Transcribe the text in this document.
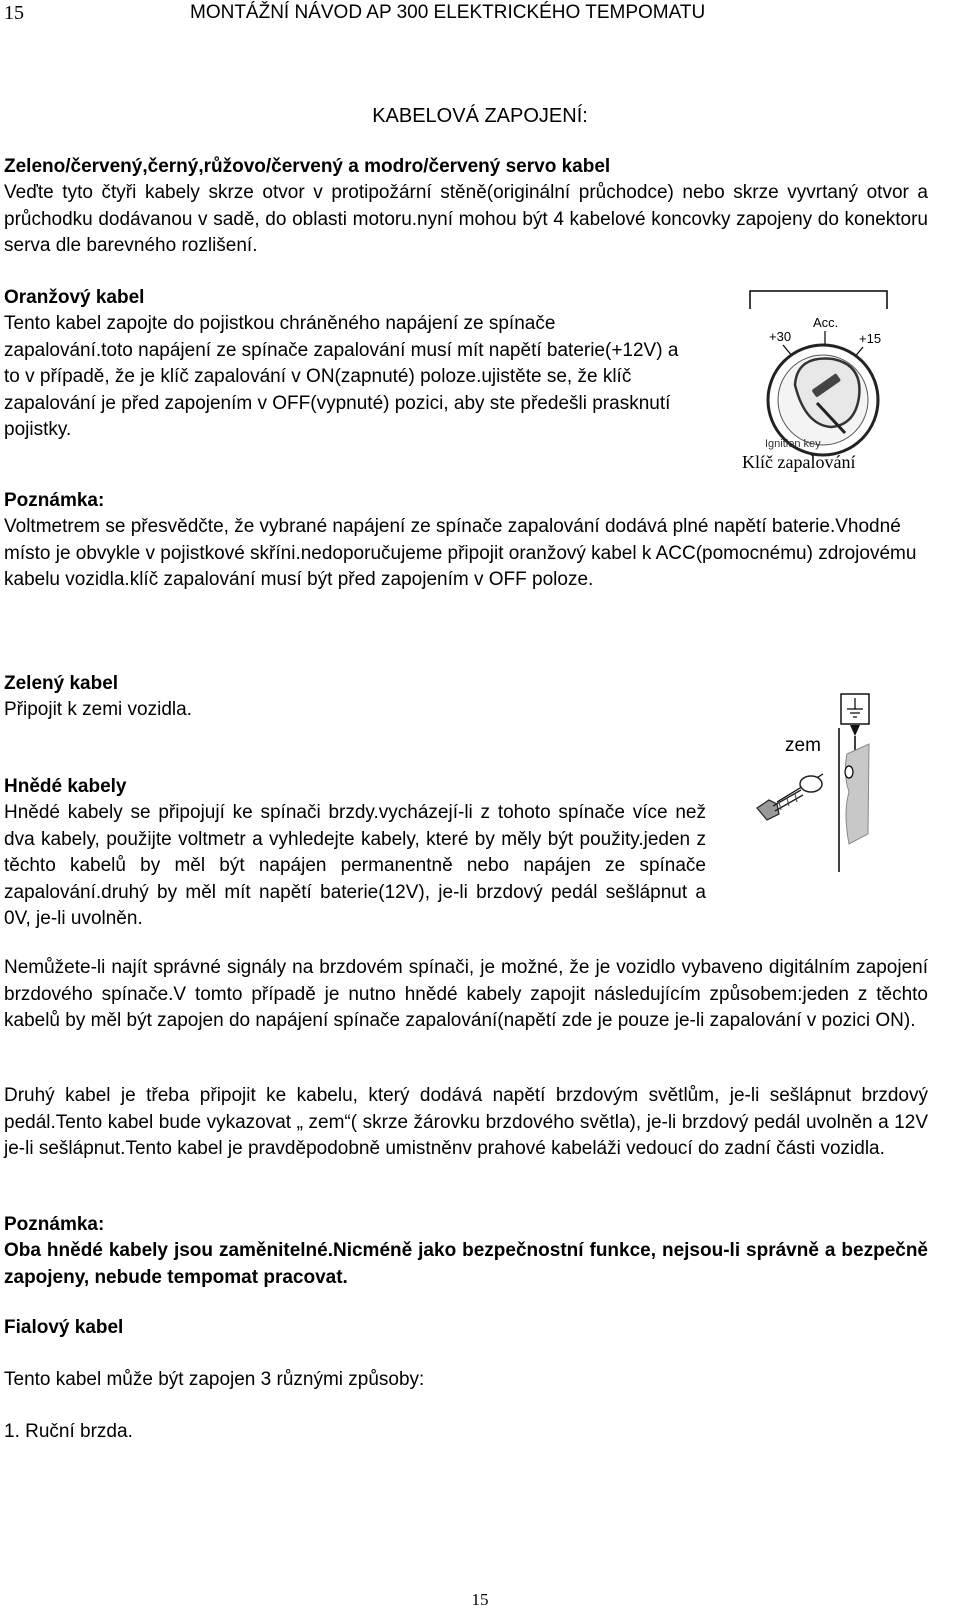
15	MONTÁŽNÍ NÁVOD AP 300 ELEKTRICKÉHO TEMPOMATU
KABELOVÁ ZAPOJENÍ:
Zeleno/červený,černý,růžovo/červený a modro/červený servo kabel
Veďte tyto čtyři kabely skrze otvor v protipožární stěně(originální průchodce) nebo skrze vyvrtaný otvor a průchodku dodávanou v sadě, do oblasti motoru.nyní mohou být 4 kabelové koncovky zapojeny do konektoru serva dle barevného rozlišení.
Oranžový kabel
Tento kabel zapojte do pojistkou chráněného napájení ze spínače zapalování.toto napájení ze spínače zapalování musí mít napětí baterie(+12V) a to v případě, že je klíč zapalování v ON(zapnuté) poloze.ujistěte se, že klíč zapalování je před zapojením v OFF(vypnuté) pozici, aby ste předešli prasknutí pojistky.
Acc.
+30	+15
Ignition key
Klíč zapalování
Poznámka:
Voltmetrem se přesvědčte, že vybrané napájení ze spínače zapalování dodává plné napětí baterie.Vhodné místo je obvykle v pojistkové skříni.nedoporučujeme připojit oranžový kabel k ACC(pomocnému) zdrojovému kabelu vozidla.klíč zapalování musí být před zapojením v OFF poloze.
Zelený kabel
Připojit k zemi vozidla.
zem
Hnědé kabely
Hnědé kabely se připojují ke spínači brzdy.vycházejí-li z tohoto spínače více než dva kabely, použijte voltmetr a vyhledejte kabely, které by měly být použity.jeden z těchto kabelů by měl být napájen permanentně nebo napájen ze spínače zapalování.druhý by měl mít napětí baterie(12V), je-li brzdový pedál sešlápnut a 0V, je-li uvolněn.
Nemůžete-li najít správné signály na brzdovém spínači, je možné, že je vozidlo vybaveno digitálním zapojení brzdového spínače.V tomto případě je nutno hnědé kabely zapojit následujícím způsobem:jeden z těchto kabelů by měl být zapojen do napájení spínače zapalování(napětí zde je pouze je-li zapalování v pozici ON).
Druhý kabel je třeba připojit ke kabelu, který dodává napětí brzdovým světlům, je-li sešlápnut brzdový pedál.Tento kabel bude vykazovat „ zem“( skrze žárovku brzdového světla), je-li brzdový pedál uvolněn a 12V je-li sešlápnut.Tento kabel je pravděpodobně umistněnv prahové kabeláži vedoucí do zadní části vozidla.
Poznámka:
Oba hnědé kabely jsou zaměnitelné.Nicméně jako bezpečnostní funkce, nejsou-li správně a bezpečně zapojeny, nebude tempomat pracovat.
Fialový kabel
Tento kabel může být zapojen 3 různými způsoby:
1. Ruční brzda.
15
